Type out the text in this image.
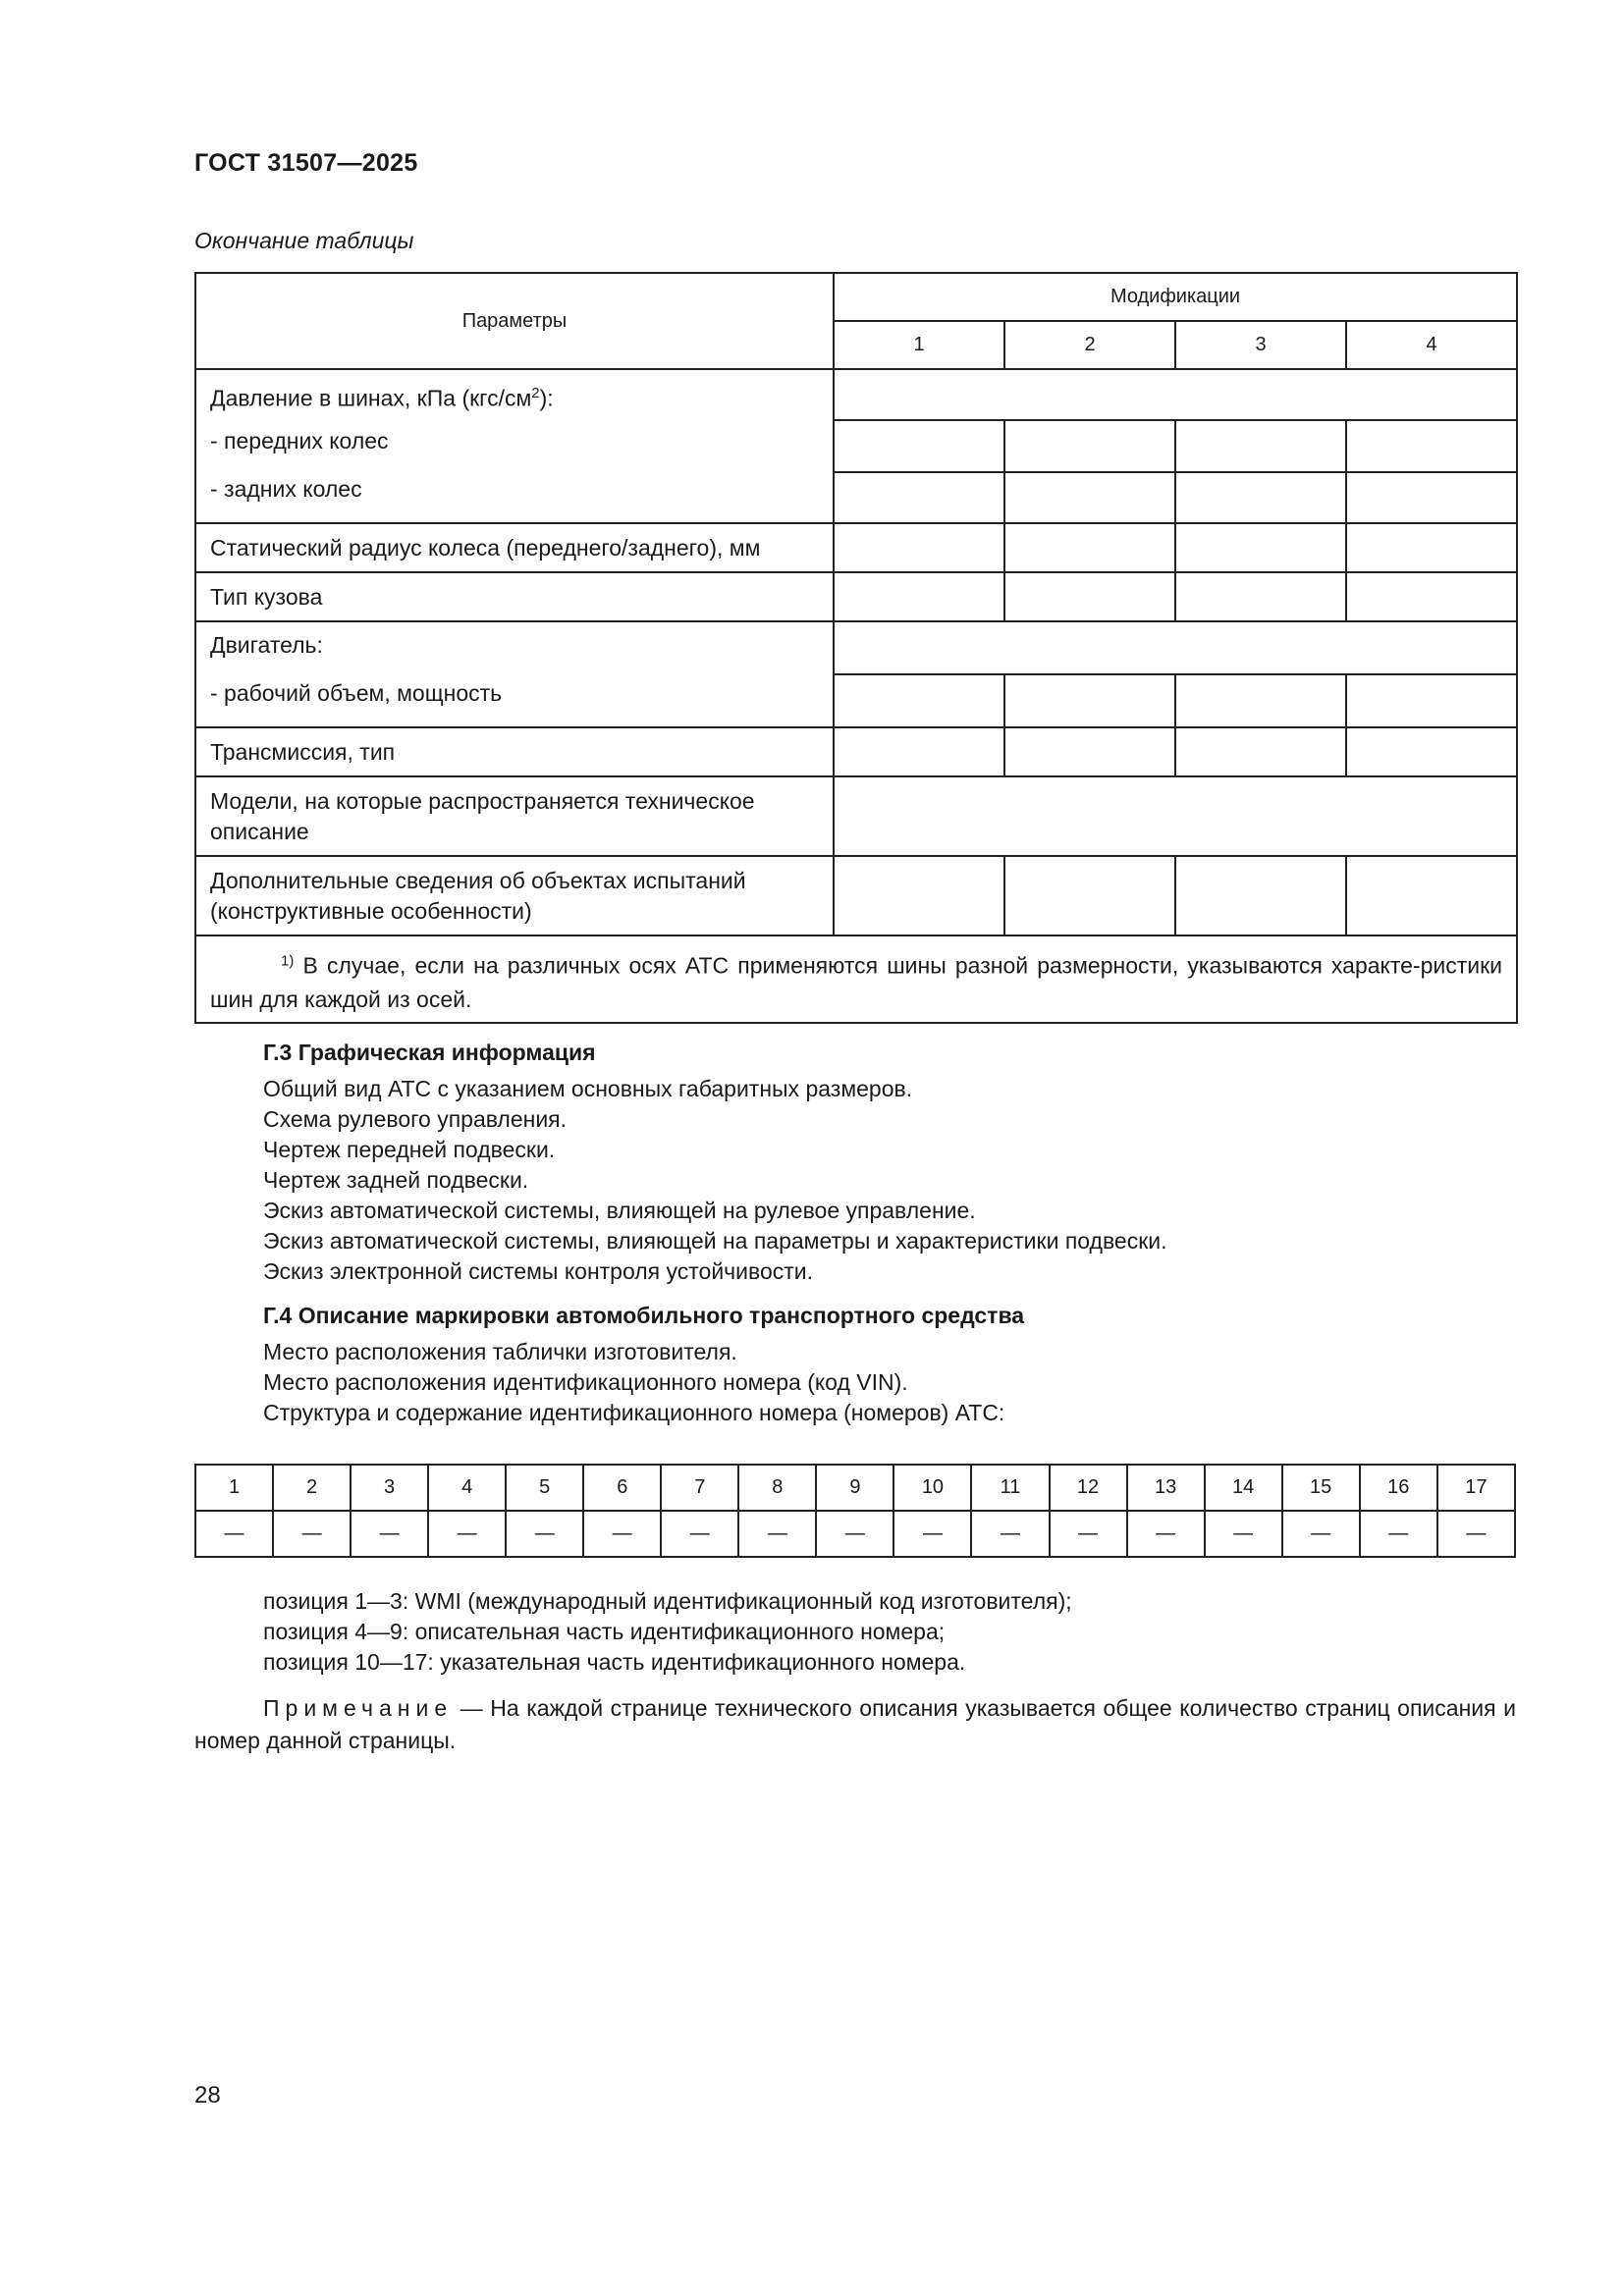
ГОСТ 31507—2025
Окончание таблицы
Параметры	Модификации			
	1	2	3	4

Давление в шинах, кПа $(кгс/см^2)$:
- передних колес
- задних колес				

Статический радиус колеса (переднего/заднего), мм				
Тип кузова				

Двигатель:
- рабочий объем, мощность				

Трансмиссия, тип				
Модели, на которые распространяется техническое описание				
Дополнительные сведения об объектах испытаний (конструктивные особенности)				
$^{1)}$ В случае, если на различных осях АТС применяются шины разной размерности, указываются характе-ристики шин для каждой из осей.				
Г.3 Графическая информация
Общий вид АТС с указанием основных габаритных размеров.
Схема рулевого управления.
Чертеж передней подвески.
Чертеж задней подвески.
Эскиз автоматической системы, влияющей на рулевое управление.
Эскиз автоматической системы, влияющей на параметры и характеристики подвески.
Эскиз электронной системы контроля устойчивости.
Г.4 Описание маркировки автомобильного транспортного средства
Место расположения таблички изготовителя.
Место расположения идентификационного номера (код VIN).
Структура и содержание идентификационного номера (номеров) АТС:
1	2	3	4	5	6	7	8	9	10	11	12	13	14	15	16	17
—	—	—	—	—	—	—	—	—	—	—	—	—	—	—	—	—
позиция 1—3: WMI (международный идентификационный код изготовителя);
позиция 4—9: описательная часть идентификационного номера;
позиция 10—17: указательная часть идентификационного номера.
Примечание — На каждой странице технического описания указывается общее количество страниц описания и номер данной страницы.
28
